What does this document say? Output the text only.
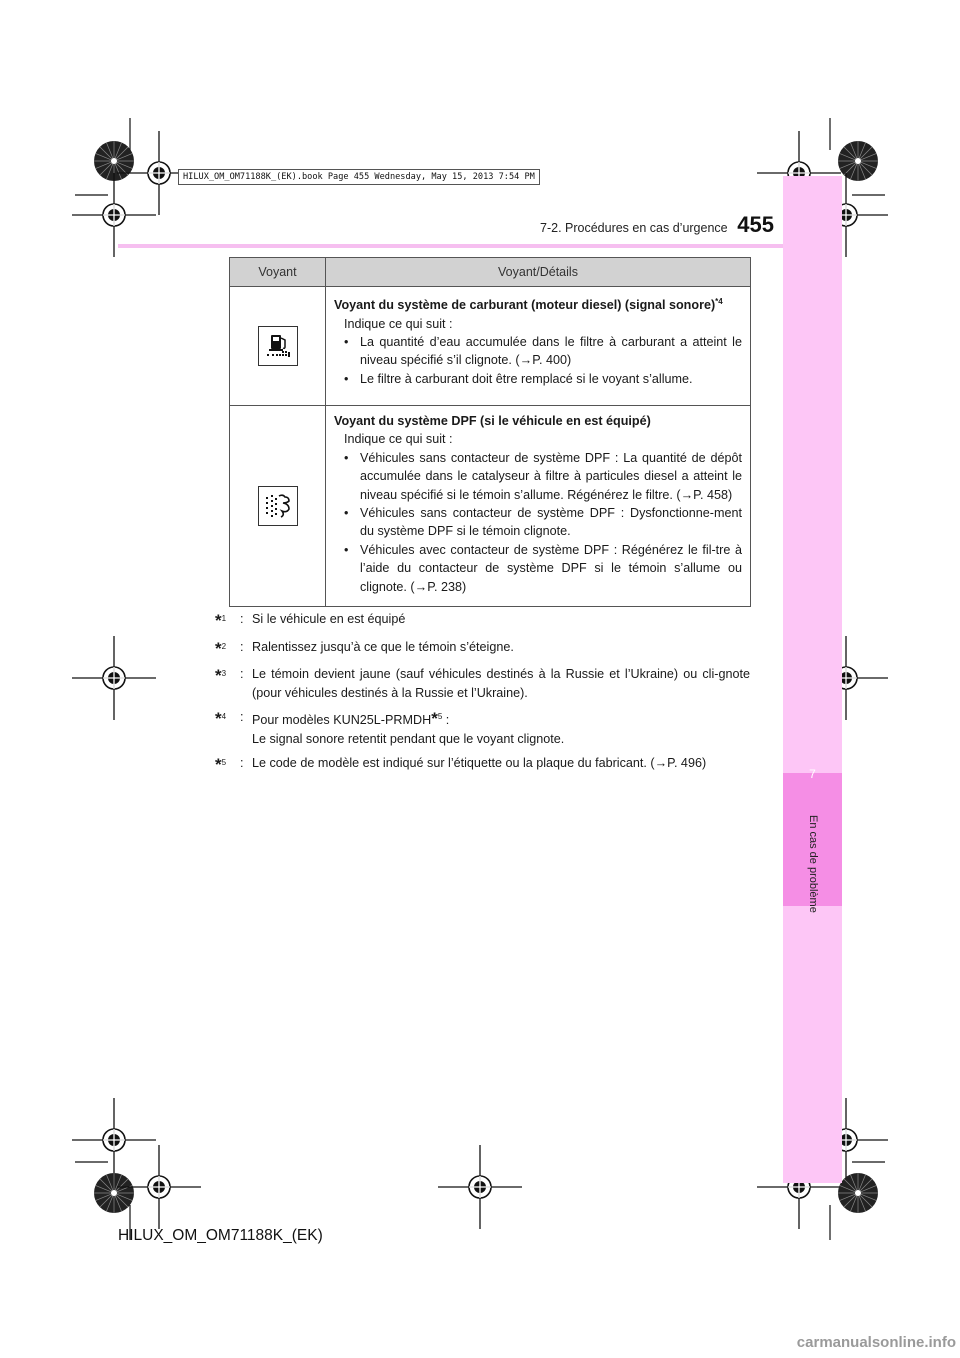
7
En cas de problème
HILUX_OM_OM71188K_(EK).book Page 455 Wednesday, May 15, 2013 7:54 PM
7-2. Procédures en cas d’urgence 455
Voyant	Voyant/Détails
Voyant du système de carburant (moteur diesel) (signal sonore)$^{*4}$
Indique ce qui suit :
• La quantité d’eau accumulée dans le filtre à carburant a atteint le niveau spécifié s’il clignote. (→P. 400)
• Le filtre à carburant doit être remplacé si le voyant s’allume.
Voyant du système DPF (si le véhicule en est équipé)
Indique ce qui suit :
• Véhicules sans contacteur de système DPF : La quantité de dépôt accumulée dans le catalyseur à filtre à particules diesel a atteint le niveau spécifié si le témoin s’allume. Régénérez le filtre. (→P. 458)
• Véhicules sans contacteur de système DPF : Dysfonctionne-ment du système DPF si le témoin clignote.
• Véhicules avec contacteur de système DPF : Régénérez le fil-tre à l’aide du contacteur de système DPF si le témoin s’allume ou clignote. (→P. 238)
*$^1$	: Si le véhicule en est équipé
*$^2$	: Ralentissez jusqu’à ce que le témoin s’éteigne.
*$^3$	: Le témoin devient jaune (sauf véhicules destinés à la Russie et l’Ukraine) ou cli-gnote (pour véhicules destinés à la Russie et l’Ukraine).
*$^4$	: Pour modèles KUN25L-PRMDH*$^5$ :
Le signal sonore retentit pendant que le voyant clignote.
*$^5$	: Le code de modèle est indiqué sur l’étiquette ou la plaque du fabricant. (→P. 496)
HILUX_OM_OM71188K_(EK)
carmanualsonline.info
